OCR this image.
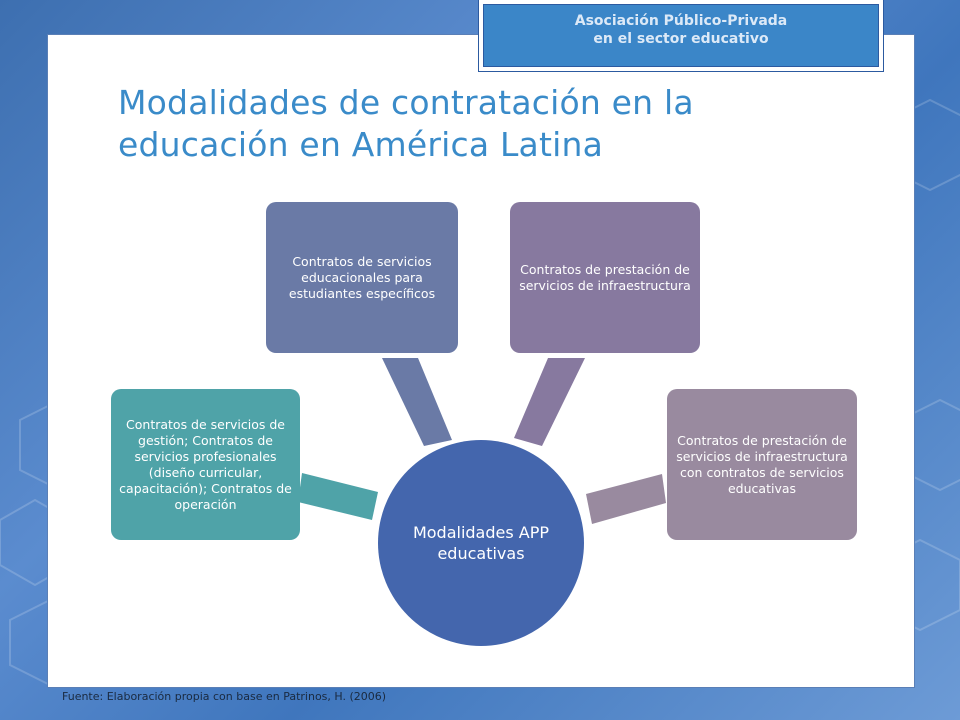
Asociación Público-Privada
en el sector educativo
Modalidades de contratación en la
educación en América Latina
Contratos de servicios de gestión; Contratos de servicios profesionales (diseño curricular, capacitación); Contratos de operación
Contratos de servicios educacionales para estudiantes específicos
Contratos de prestación de servicios de infraestructura
Contratos de prestación de servicios de infraestructura con contratos de servicios educativas
Modalidades APP educativas
Fuente: Elaboración propia con base en Patrinos, H. (2006)
